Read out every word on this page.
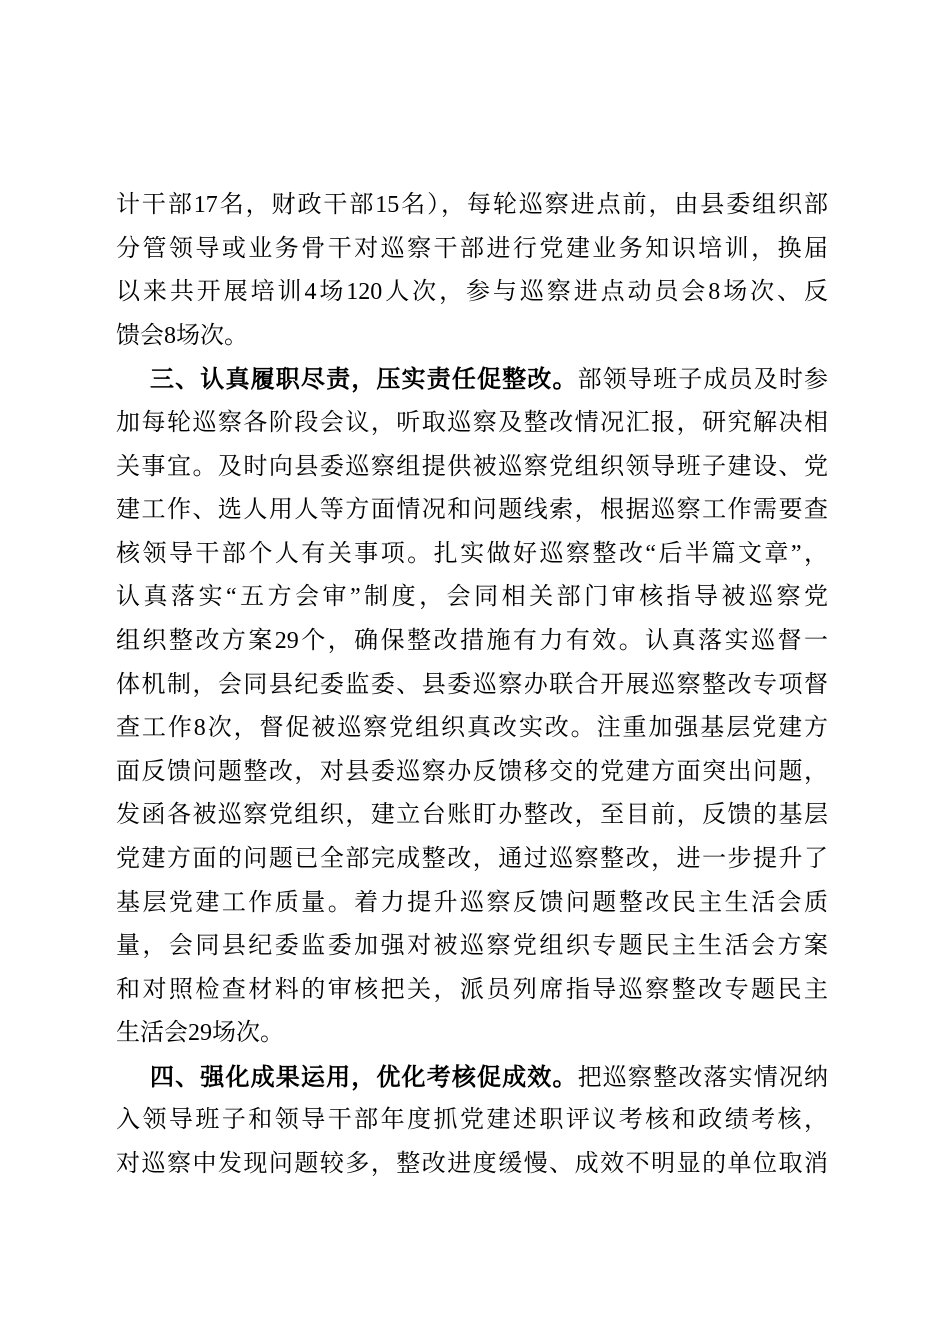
计干部17名，财政干部15名），每轮巡察进点前，由县委组织部
分管领导或业务骨干对巡察干部进行党建业务知识培训，换届
以来共开展培训4场120人次，参与巡察进点动员会8场次、反
馈会8场次。
三、认真履职尽责，压实责任促整改。部领导班子成员及时参
加每轮巡察各阶段会议，听取巡察及整改情况汇报，研究解决相
关事宜。及时向县委巡察组提供被巡察党组织领导班子建设、党
建工作、选人用人等方面情况和问题线索，根据巡察工作需要查
核领导干部个人有关事项。扎实做好巡察整改“后半篇文章”，
认真落实“五方会审”制度，会同相关部门审核指导被巡察党
组织整改方案29个，确保整改措施有力有效。认真落实巡督一
体机制，会同县纪委监委、县委巡察办联合开展巡察整改专项督
查工作8次，督促被巡察党组织真改实改。注重加强基层党建方
面反馈问题整改，对县委巡察办反馈移交的党建方面突出问题，
发函各被巡察党组织，建立台账盯办整改，至目前，反馈的基层
党建方面的问题已全部完成整改，通过巡察整改，进一步提升了
基层党建工作质量。着力提升巡察反馈问题整改民主生活会质
量，会同县纪委监委加强对被巡察党组织专题民主生活会方案
和对照检查材料的审核把关，派员列席指导巡察整改专题民主
生活会29场次。
四、强化成果运用，优化考核促成效。把巡察整改落实情况纳
入领导班子和领导干部年度抓党建述职评议考核和政绩考核，
对巡察中发现问题较多，整改进度缓慢、成效不明显的单位取消
